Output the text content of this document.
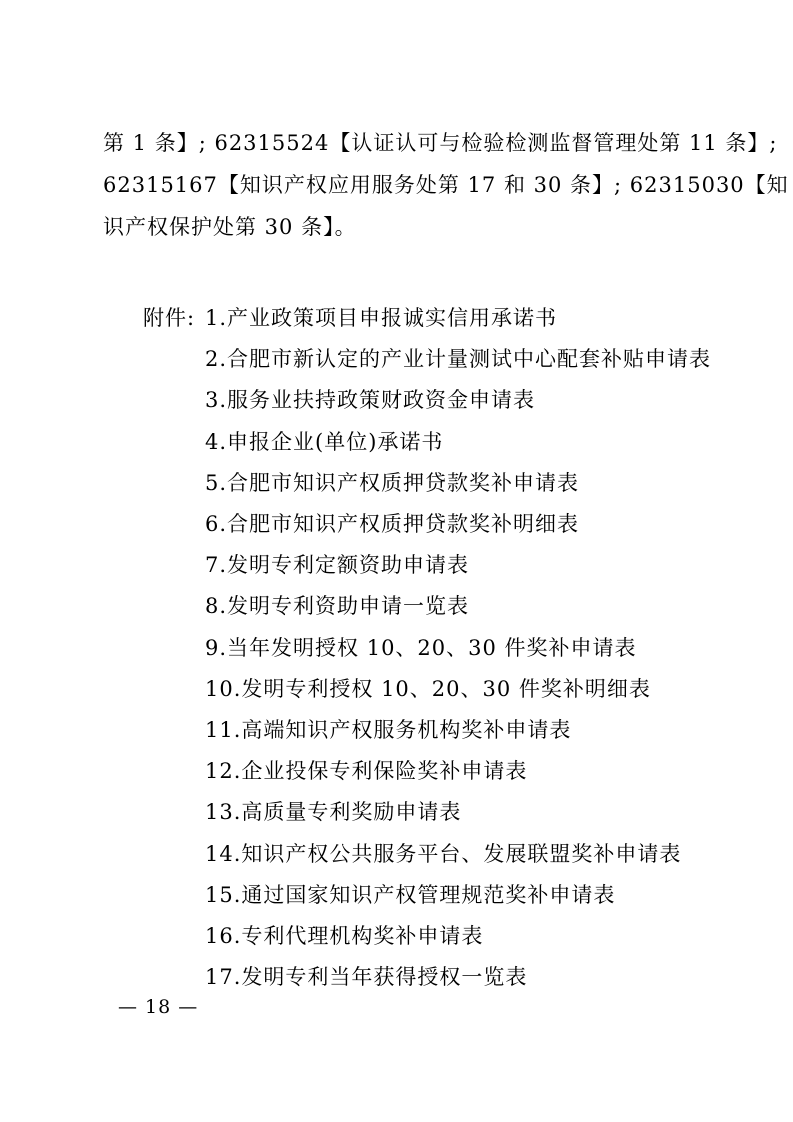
第 1 条】; 62315524【认证认可与检验检测监督管理处第 11 条】;
62315167【知识产权应用服务处第 17 和 30 条】; 62315030【知
识产权保护处第 30 条】。
附件: 1.产业政策项目申报诚实信用承诺书
2.合肥市新认定的产业计量测试中心配套补贴申请表
3.服务业扶持政策财政资金申请表
4.申报企业(单位)承诺书
5.合肥市知识产权质押贷款奖补申请表
6.合肥市知识产权质押贷款奖补明细表
7.发明专利定额资助申请表
8.发明专利资助申请一览表
9.当年发明授权 10、20、30 件奖补申请表
10.发明专利授权 10、20、30 件奖补明细表
11.高端知识产权服务机构奖补申请表
12.企业投保专利保险奖补申请表
13.高质量专利奖励申请表
14.知识产权公共服务平台、发展联盟奖补申请表
15.通过国家知识产权管理规范奖补申请表
16.专利代理机构奖补申请表
17.发明专利当年获得授权一览表
— 18 —
